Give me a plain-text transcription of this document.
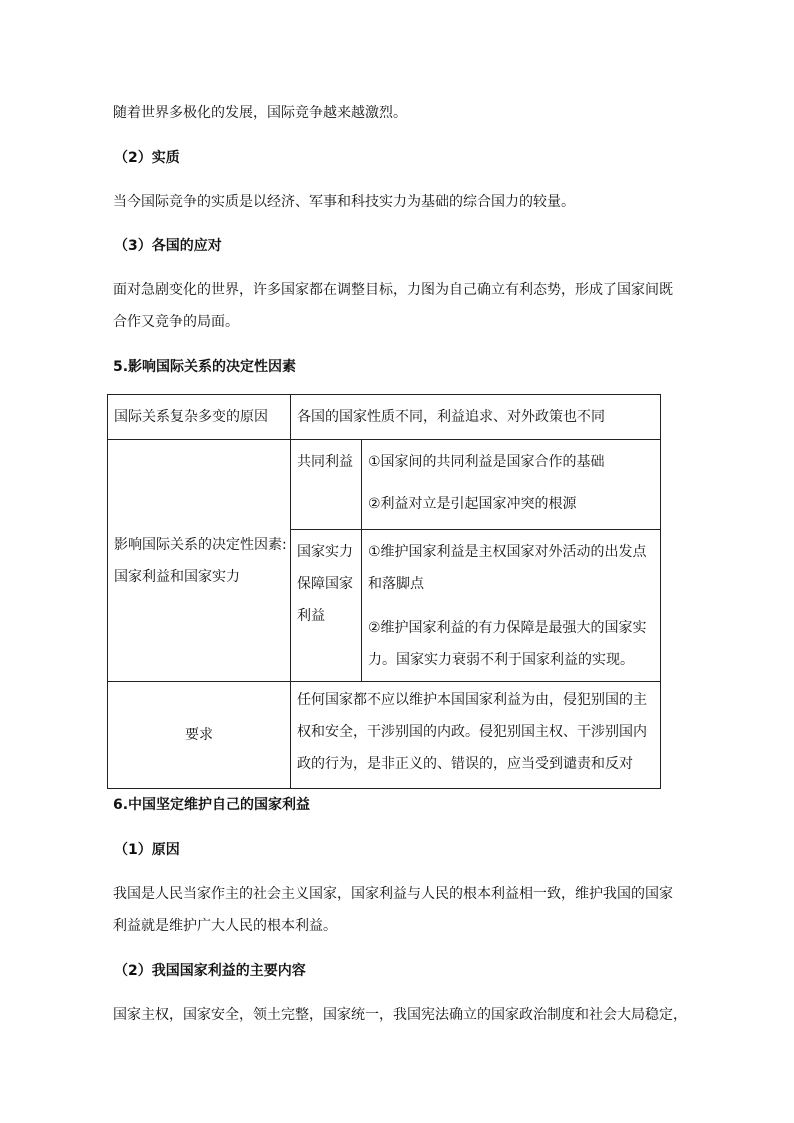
随着世界多极化的发展，国际竞争越来越激烈。
（2）实质
当今国际竞争的实质是以经济、军事和科技实力为基础的综合国力的较量。
（3）各国的应对
面对急剧变化的世界，许多国家都在调整目标，力图为自己确立有利态势，形成了国家间既
合作又竞争的局面。
5.影响国际关系的决定性因素
国际关系复杂多变的原因	各国的国家性质不同，利益追求、对外政策也不同	

影响国际关系的决定性因素:
国家利益和国家实力	共同利益	①国家间的共同利益是国家合作的基础
②利益对立是引起国家冲突的根源

	国家实力
保障国家
利益	①维护国家利益是主权国家对外活动的出发点
和落脚点
②维护国家利益的有力保障是最强大的国家实
力。国家实力衰弱不利于国家利益的实现。

要求	任何国家都不应以维护本国国家利益为由，侵犯别国的主
权和安全，干涉别国的内政。侵犯别国主权、干涉别国内
政的行为，是非正义的、错误的，应当受到谴责和反对	
6.中国坚定维护自己的国家利益
（1）原因
我国是人民当家作主的社会主义国家，国家利益与人民的根本利益相一致，维护我国的国家
利益就是维护广大人民的根本利益。
（2）我国国家利益的主要内容
国家主权，国家安全，领土完整，国家统一，我国宪法确立的国家政治制度和社会大局稳定，
